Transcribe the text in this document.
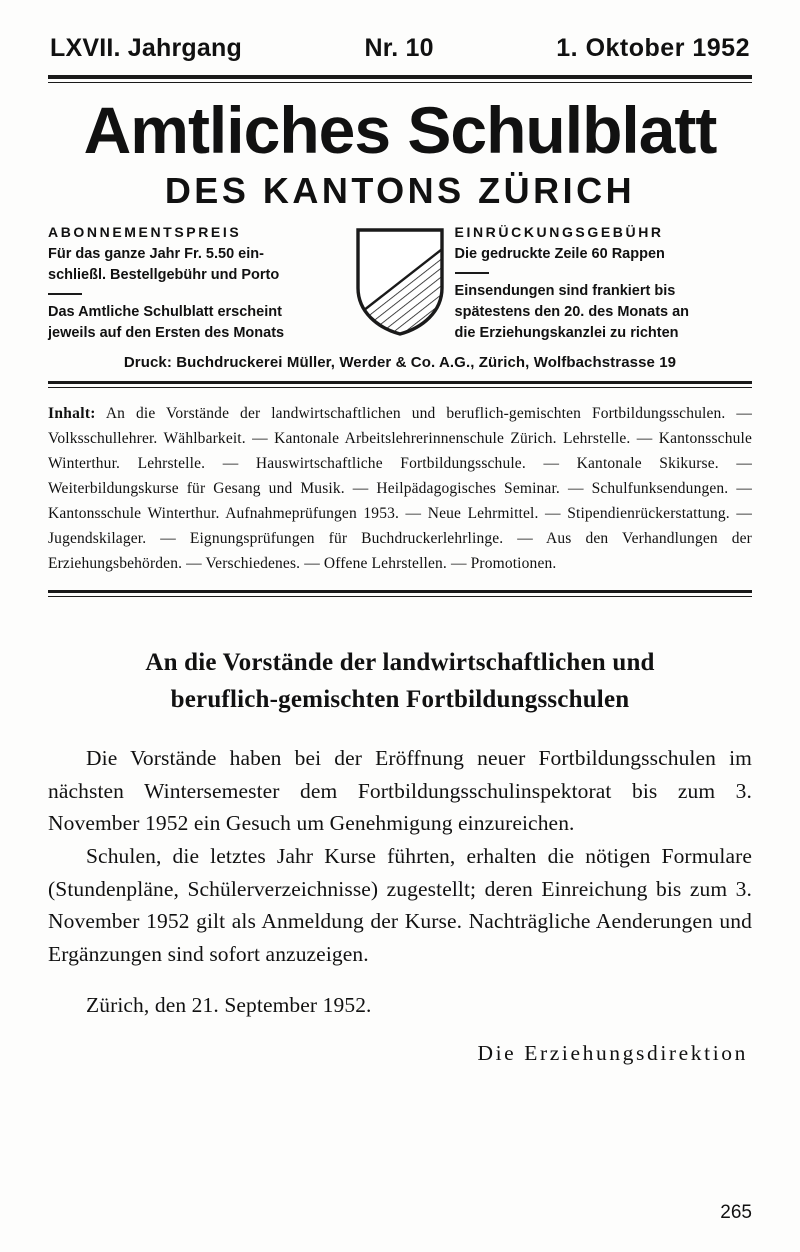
LXVII. Jahrgang	Nr. 10	1. Oktober 1952
Amtliches Schulblatt
DES KANTONS ZÜRICH
ABONNEMENTSPREIS
Für das ganze Jahr Fr. 5.50 ein-
schließl. Bestellgebühr und Porto
Das Amtliche Schulblatt erscheint
jeweils auf den Ersten des Monats
EINRÜCKUNGSGEBÜHR
Die gedruckte Zeile 60 Rappen
Einsendungen sind frankiert bis
spätestens den 20. des Monats an
die Erziehungskanzlei zu richten
Druck: Buchdruckerei Müller, Werder & Co. A.G., Zürich, Wolfbachstrasse 19
Inhalt: An die Vorstände der landwirtschaftlichen und beruflich-gemischten Fortbildungsschulen. — Volksschullehrer. Wählbarkeit. — Kantonale Arbeitslehrerinnenschule Zürich. Lehrstelle. — Kantonsschule Winterthur. Lehrstelle. — Hauswirtschaftliche Fortbildungsschule. — Kantonale Skikurse. — Weiterbildungskurse für Gesang und Musik. — Heilpädagogisches Seminar. — Schulfunksendungen. — Kantonsschule Winterthur. Aufnahmeprüfungen 1953. — Neue Lehrmittel. — Stipendienrückerstattung. — Jugendskilager. — Eignungsprüfungen für Buchdruckerlehrlinge. — Aus den Verhandlungen der Erziehungsbehörden. — Verschiedenes. — Offene Lehrstellen. — Promotionen.
An die Vorstände der landwirtschaftlichen und
beruflich-gemischten Fortbildungsschulen

Die Vorstände haben bei der Eröffnung neuer Fortbildungsschulen im nächsten Wintersemester dem Fortbildungsschulinspektorat bis zum 3. November 1952 ein Gesuch um Genehmigung einzureichen.

Schulen, die letztes Jahr Kurse führten, erhalten die nötigen Formulare (Stundenpläne, Schülerverzeichnisse) zugestellt; deren Einreichung bis zum 3. November 1952 gilt als Anmeldung der Kurse. Nachträgliche Aenderungen und Ergänzungen sind sofort anzuzeigen.

Zürich, den 21. September 1952.
Die Erziehungsdirektion
265
